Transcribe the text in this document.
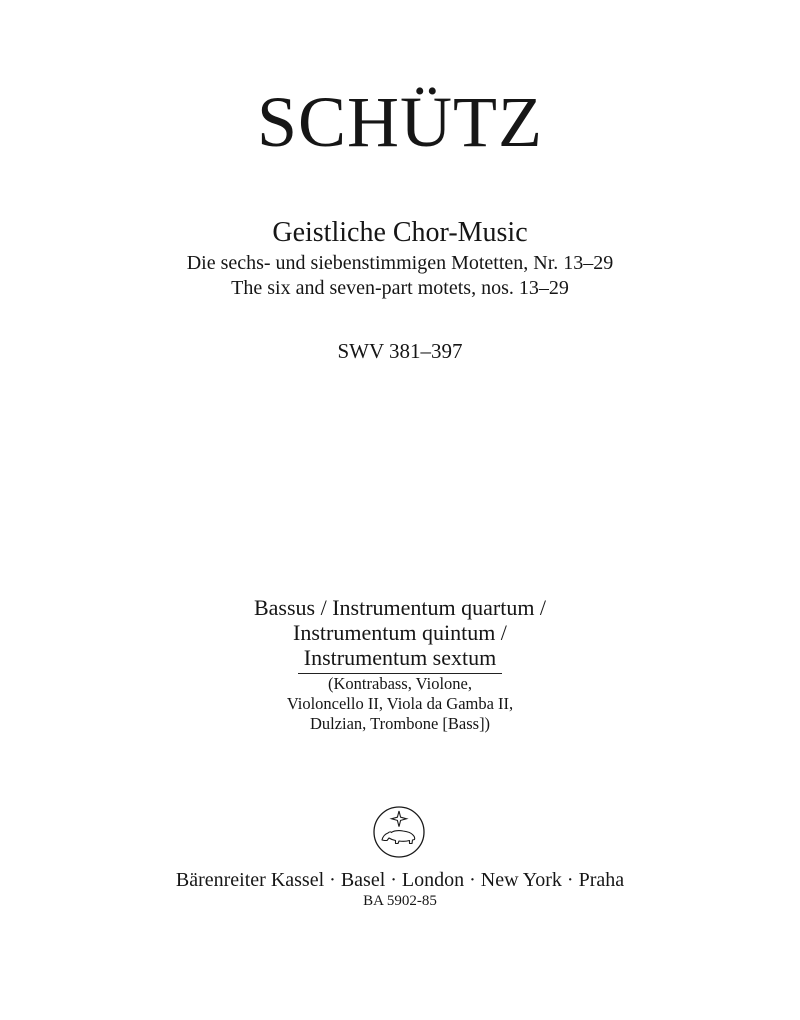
SCHÜTZ
Geistliche Chor-Music
Die sechs- und siebenstimmigen Motetten, Nr. 13–29
The six and seven-part motets, nos. 13–29
SWV 381–397
Bassus / Instrumentum quartum /
Instrumentum quintum /
Instrumentum sextum
(Kontrabass, Violone,
Violoncello II, Viola da Gamba II,
Dulzian, Trombone [Bass])
Bärenreiter Kassel · Basel · London · New York · Praha
BA 5902-85
